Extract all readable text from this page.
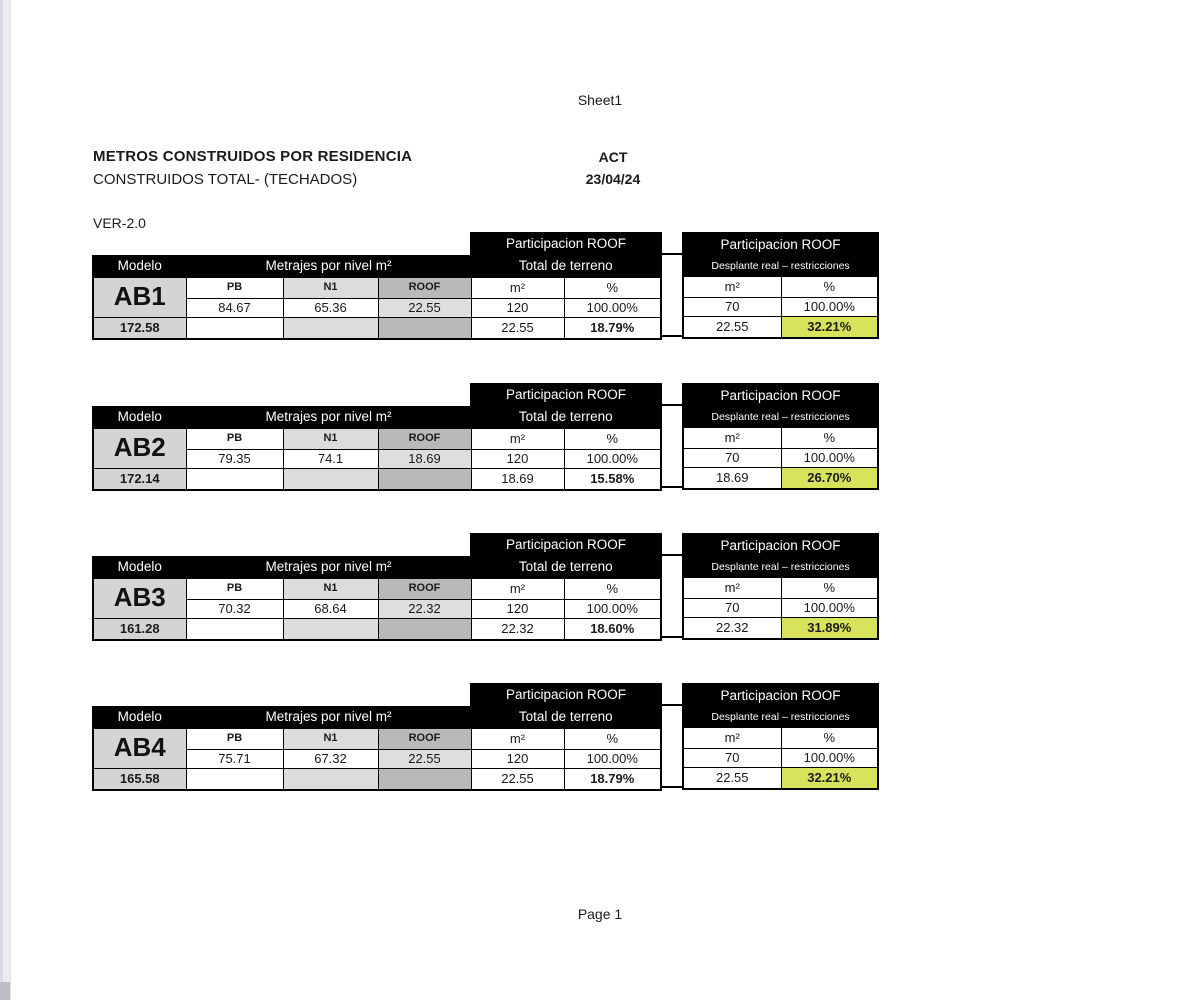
Sheet1
METROS CONSTRUIDOS POR RESIDENCIA
CONSTRUIDOS TOTAL- (TECHADOS)
ACT
23/04/24
VER-2.0
				Participacion ROOF	
Modelo	Metrajes por nivel m²			Total de terreno	
AB1	PB	N1	ROOF	m²	%
	84.67	65.36	22.55	120	100.00%
172.58				22.55	18.79%
Participacion ROOF	
Desplante real – restricciones	
m²	%
70	100.00%
22.55	32.21%
				Participacion ROOF	
Modelo	Metrajes por nivel m²			Total de terreno	
AB2	PB	N1	ROOF	m²	%
	79.35	74.1	18.69	120	100.00%
172.14				18.69	15.58%
Participacion ROOF	
Desplante real – restricciones	
m²	%
70	100.00%
18.69	26.70%
				Participacion ROOF	
Modelo	Metrajes por nivel m²			Total de terreno	
AB3	PB	N1	ROOF	m²	%
	70.32	68.64	22.32	120	100.00%
161.28				22.32	18.60%
Participacion ROOF	
Desplante real – restricciones	
m²	%
70	100.00%
22.32	31.89%
				Participacion ROOF	
Modelo	Metrajes por nivel m²			Total de terreno	
AB4	PB	N1	ROOF	m²	%
	75.71	67.32	22.55	120	100.00%
165.58				22.55	18.79%
Participacion ROOF	
Desplante real – restricciones	
m²	%
70	100.00%
22.55	32.21%
Page 1
